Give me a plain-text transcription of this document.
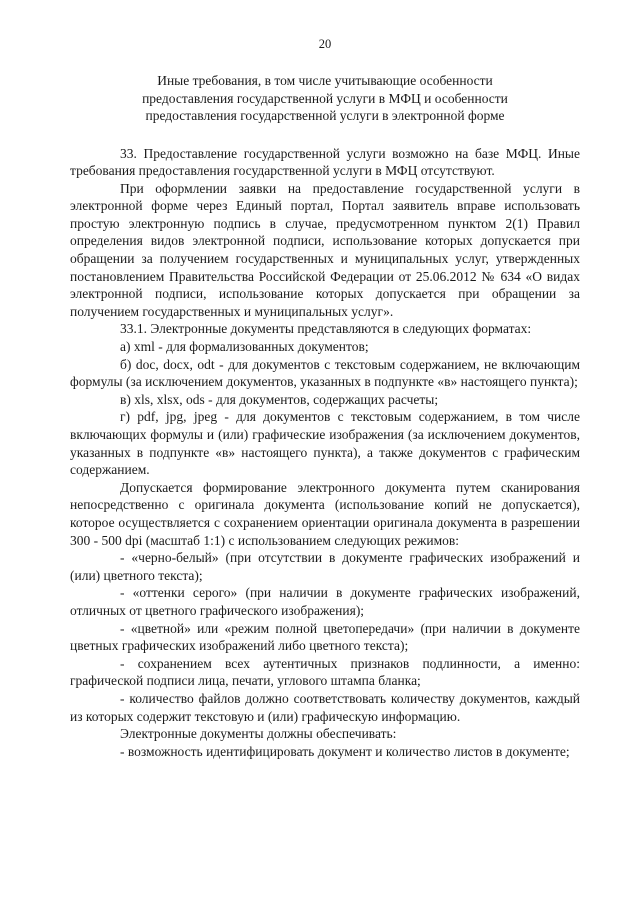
20
Иные требования, в том числе учитывающие особенности
предоставления государственной услуги в МФЦ и особенности
предоставления государственной услуги в электронной форме

33. Предоставление государственной услуги возможно на базе МФЦ. Иные требования предоставления государственной услуги в МФЦ отсутствуют.

При оформлении заявки на предоставление государственной услуги в электронной форме через Единый портал, Портал заявитель вправе использовать простую электронную подпись в случае, предусмотренном пунктом 2(1) Правил определения видов электронной подписи, использование которых допускается при обращении за получением государственных и муниципальных услуг, утвержденных постановлением Правительства Российской Федерации от 25.06.2012 № 634 «О видах электронной подписи, использование которых допускается при обращении за получением государственных и муниципальных услуг».

33.1. Электронные документы представляются в следующих форматах:

а) xml - для формализованных документов;

б) doc, docx, odt - для документов с текстовым содержанием, не включающим формулы (за исключением документов, указанных в подпункте «в» настоящего пункта);

в) xls, xlsx, ods - для документов, содержащих расчеты;

г) pdf, jpg, jpeg - для документов с текстовым содержанием, в том числе включающих формулы и (или) графические изображения (за исключением документов, указанных в подпункте «в» настоящего пункта), а также документов с графическим содержанием.

Допускается формирование электронного документа путем сканирования непосредственно с оригинала документа (использование копий не допускается), которое осуществляется с сохранением ориентации оригинала документа в разрешении 300 - 500 dpi (масштаб 1:1) с использованием следующих режимов:

- «черно-белый» (при отсутствии в документе графических изображений и (или) цветного текста);

- «оттенки серого» (при наличии в документе графических изображений, отличных от цветного графического изображения);

- «цветной» или «режим полной цветопередачи» (при наличии в документе цветных графических изображений либо цветного текста);

- сохранением всех аутентичных признаков подлинности, а именно: графической подписи лица, печати, углового штампа бланка;

- количество файлов должно соответствовать количеству документов, каждый из которых содержит текстовую и (или) графическую информацию.

Электронные документы должны обеспечивать:

- возможность идентифицировать документ и количество листов в документе;
